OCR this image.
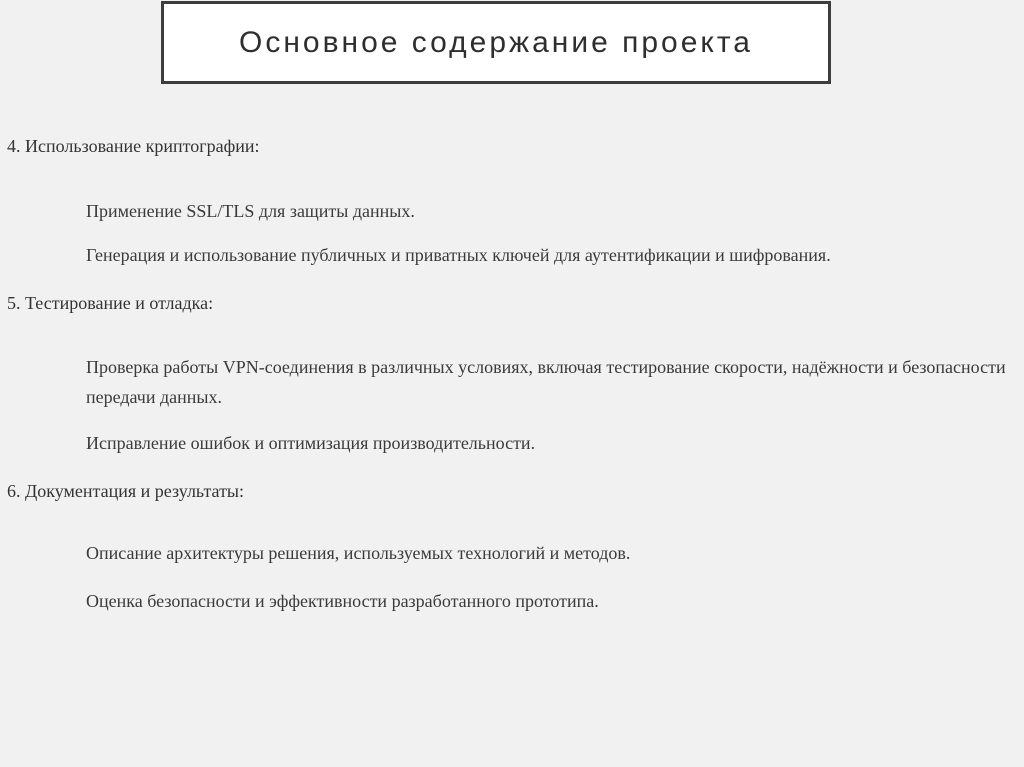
Основное содержание проекта
4. Использование криптографии:
Применение SSL/TLS для защиты данных.
Генерация и использование публичных и приватных ключей для аутентификации и шифрования.
5. Тестирование и отладка:
Проверка работы VPN-соединения в различных условиях, включая тестирование скорости, надёжности и безопасности передачи данных.
Исправление ошибок и оптимизация производительности.
6. Документация и результаты:
Описание архитектуры решения, используемых технологий и методов.
Оценка безопасности и эффективности разработанного прототипа.
